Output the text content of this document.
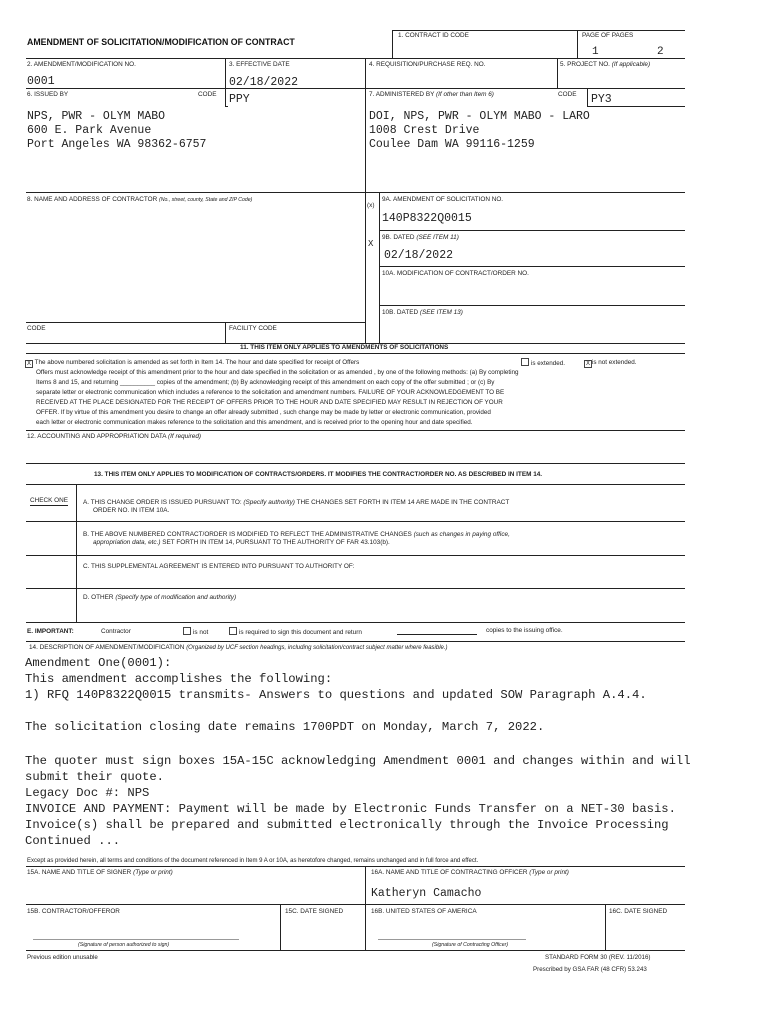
AMENDMENT OF SOLICITATION/MODIFICATION OF CONTRACT
1. CONTRACT ID CODE	PAGE OF PAGES
1	2
2. AMENDMENT/MODIFICATION NO.
0001
3. EFFECTIVE DATE
02/18/2022
4. REQUISITION/PURCHASE REQ. NO.	5. PROJECT NO. (If applicable)
6. ISSUED BY	CODE PPY
NPS, PWR - OLYM MABO
600 E. Park Avenue
Port Angeles WA 98362-6757
7. ADMINISTERED BY (If other than Item 6)	CODE PY3
DOI, NPS, PWR - OLYM MABO - LARO
1008 Crest Drive
Coulee Dam WA 99116-1259
8. NAME AND ADDRESS OF CONTRACTOR (No., street, county, State and ZIP Code)
CODE	FACILITY CODE
(x)
9A. AMENDMENT OF SOLICITATION NO.
140P8322Q0015
X
9B. DATED (SEE ITEM 11)
02/18/2022
10A. MODIFICATION OF CONTRACT/ORDER NO.
10B. DATED (SEE ITEM 13)
11. THIS ITEM ONLY APPLIES TO AMENDMENTS OF SOLICITATIONS
X The above numbered solicitation is amended as set forth in Item 14. The hour and date specified for receipt of Offers	is extended.	X is not extended.
Offers must acknowledge receipt of this amendment prior to the hour and date specified in the solicitation or as amended , by one of the following methods: (a) By completing
Items 8 and 15, and returning __________ copies of the amendment; (b) By acknowledging receipt of this amendment on each copy of the offer submitted ; or (c) By
separate letter or electronic communication which includes a reference to the solicitation and amendment numbers. FAILURE OF YOUR ACKNOWLEDGEMENT TO BE
RECEIVED AT THE PLACE DESIGNATED FOR THE RECEIPT OF OFFERS PRIOR TO THE HOUR AND DATE SPECIFIED MAY RESULT IN REJECTION OF YOUR
OFFER. If by virtue of this amendment you desire to change an offer already submitted , such change may be made by letter or electronic communication, provided
each letter or electronic communication makes reference to the solicitation and this amendment, and is received prior to the opening hour and date specified.
12. ACCOUNTING AND APPROPRIATION DATA (If required)
13. THIS ITEM ONLY APPLIES TO MODIFICATION OF CONTRACTS/ORDERS. IT MODIFIES THE CONTRACT/ORDER NO. AS DESCRIBED IN ITEM 14.
CHECK ONE A. THIS CHANGE ORDER IS ISSUED PURSUANT TO: (Specify authority) THE CHANGES SET FORTH IN ITEM 14 ARE MADE IN THE CONTRACT
ORDER NO. IN ITEM 10A.
B. THE ABOVE NUMBERED CONTRACT/ORDER IS MODIFIED TO REFLECT THE ADMINISTRATIVE CHANGES (such as changes in paying office,
appropriation data, etc.) SET FORTH IN ITEM 14, PURSUANT TO THE AUTHORITY OF FAR 43.103(b).
C. THIS SUPPLEMENTAL AGREEMENT IS ENTERED INTO PURSUANT TO AUTHORITY OF:
D. OTHER (Specify type of modification and authority)
E. IMPORTANT:	Contractor	is not	is required to sign this document and return	copies to the issuing office.
14. DESCRIPTION OF AMENDMENT/MODIFICATION (Organized by UCF section headings, including solicitation/contract subject matter where feasible.)
Amendment One(0001):
This amendment accomplishes the following:
1) RFQ 140P8322Q0015 transmits- Answers to questions and updated SOW Paragraph A.4.4.
The solicitation closing date remains 1700PDT on Monday, March 7, 2022.
The quoter must sign boxes 15A-15C acknowledging Amendment 0001 and changes within and will
submit their quote.
Legacy Doc #: NPS
INVOICE AND PAYMENT: Payment will be made by Electronic Funds Transfer on a NET-30 basis.
Invoice(s) shall be prepared and submitted electronically through the Invoice Processing
Continued ...
Except as provided herein, all terms and conditions of the document referenced in Item 9 A or 10A, as heretofore changed, remains unchanged and in full force and effect.
15A. NAME AND TITLE OF SIGNER (Type or print)	16A. NAME AND TITLE OF CONTRACTING OFFICER (Type or print)
Katheryn Camacho
15B. CONTRACTOR/OFFEROR	15C. DATE SIGNED	16B. UNITED STATES OF AMERICA	16C. DATE SIGNED
(Signature of person authorized to sign)	(Signature of Contracting Officer)
Previous edition unusable	STANDARD FORM 30 (REV. 11/2016)
Prescribed by GSA FAR (48 CFR) 53.243
